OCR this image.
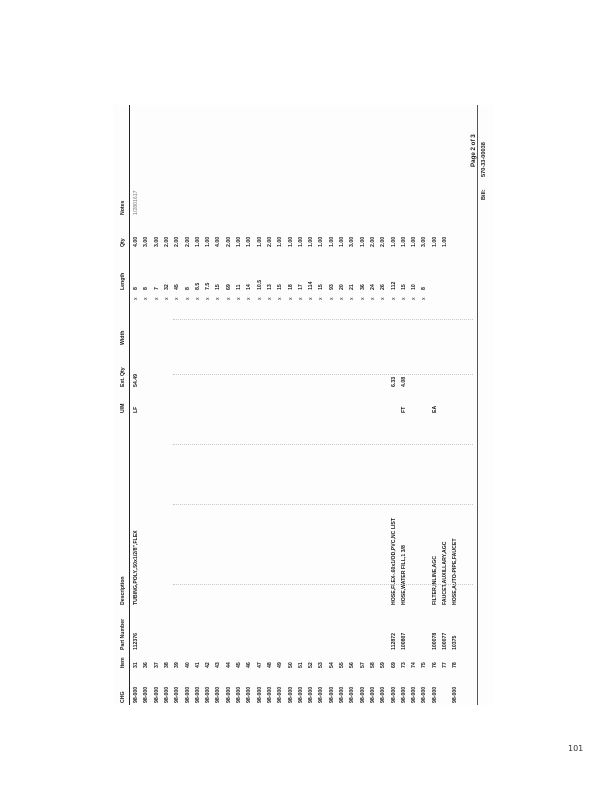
CHG
Item
Part Number
Description
U/M
Ext. Qty
Width
Length
Qty
Notes
98-000
31
112376
TUBING,POLY,.50x1/2/8",FLEX
LF
54.49
x
8
4.00
1/2801617
98-000
36
x
8
3.00
98-000
37
x
7
3.00
98-000
38
x
32
2.00
98-000
39
x
45
2.00
98-000
40
x
8
2.00
98-000
41
x
8.5
1.00
98-000
42
x
7.5
1.00
98-000
43
x
15
4.00
98-000
44
x
69
2.00
98-000
45
x
11
1.00
98-000
46
x
14
1.00
98-000
47
x
10.5
1.00
98-000
48
x
13
2.00
98-000
49
x
15
1.00
98-000
50
x
18
1.00
98-000
51
x
17
1.00
98-000
52
x
114
1.00
98-000
53
x
15
1.00
98-000
54
x
93
1.00
98-000
55
x
20
1.00
98-000
56
x
21
3.00
98-000
57
x
36
1.00
98-000
58
x
24
2.00
98-000
59
x
26
2.00
98-000
69
112872
HOSE,FLEX-.60x1/OD,PVC,NC LIST
6.33
x
112
1.00
98-000
73
100807
HOSE,WATER FILL,1 3/8
FT
4.08
x
15
1.00
98-000
74
x
10
1.00
98-000
75
x
8
3.00
98-000
76
100078
FILTER,INLINE,AGC
EA
1.00
77
100077
FAUCET,AUXILLARY,AGC
1.00
98-000
78
10375
HOSE,AUTO-PIPE,FAUCET
Bill:
570-33-00038
Page 2 of 3
101
